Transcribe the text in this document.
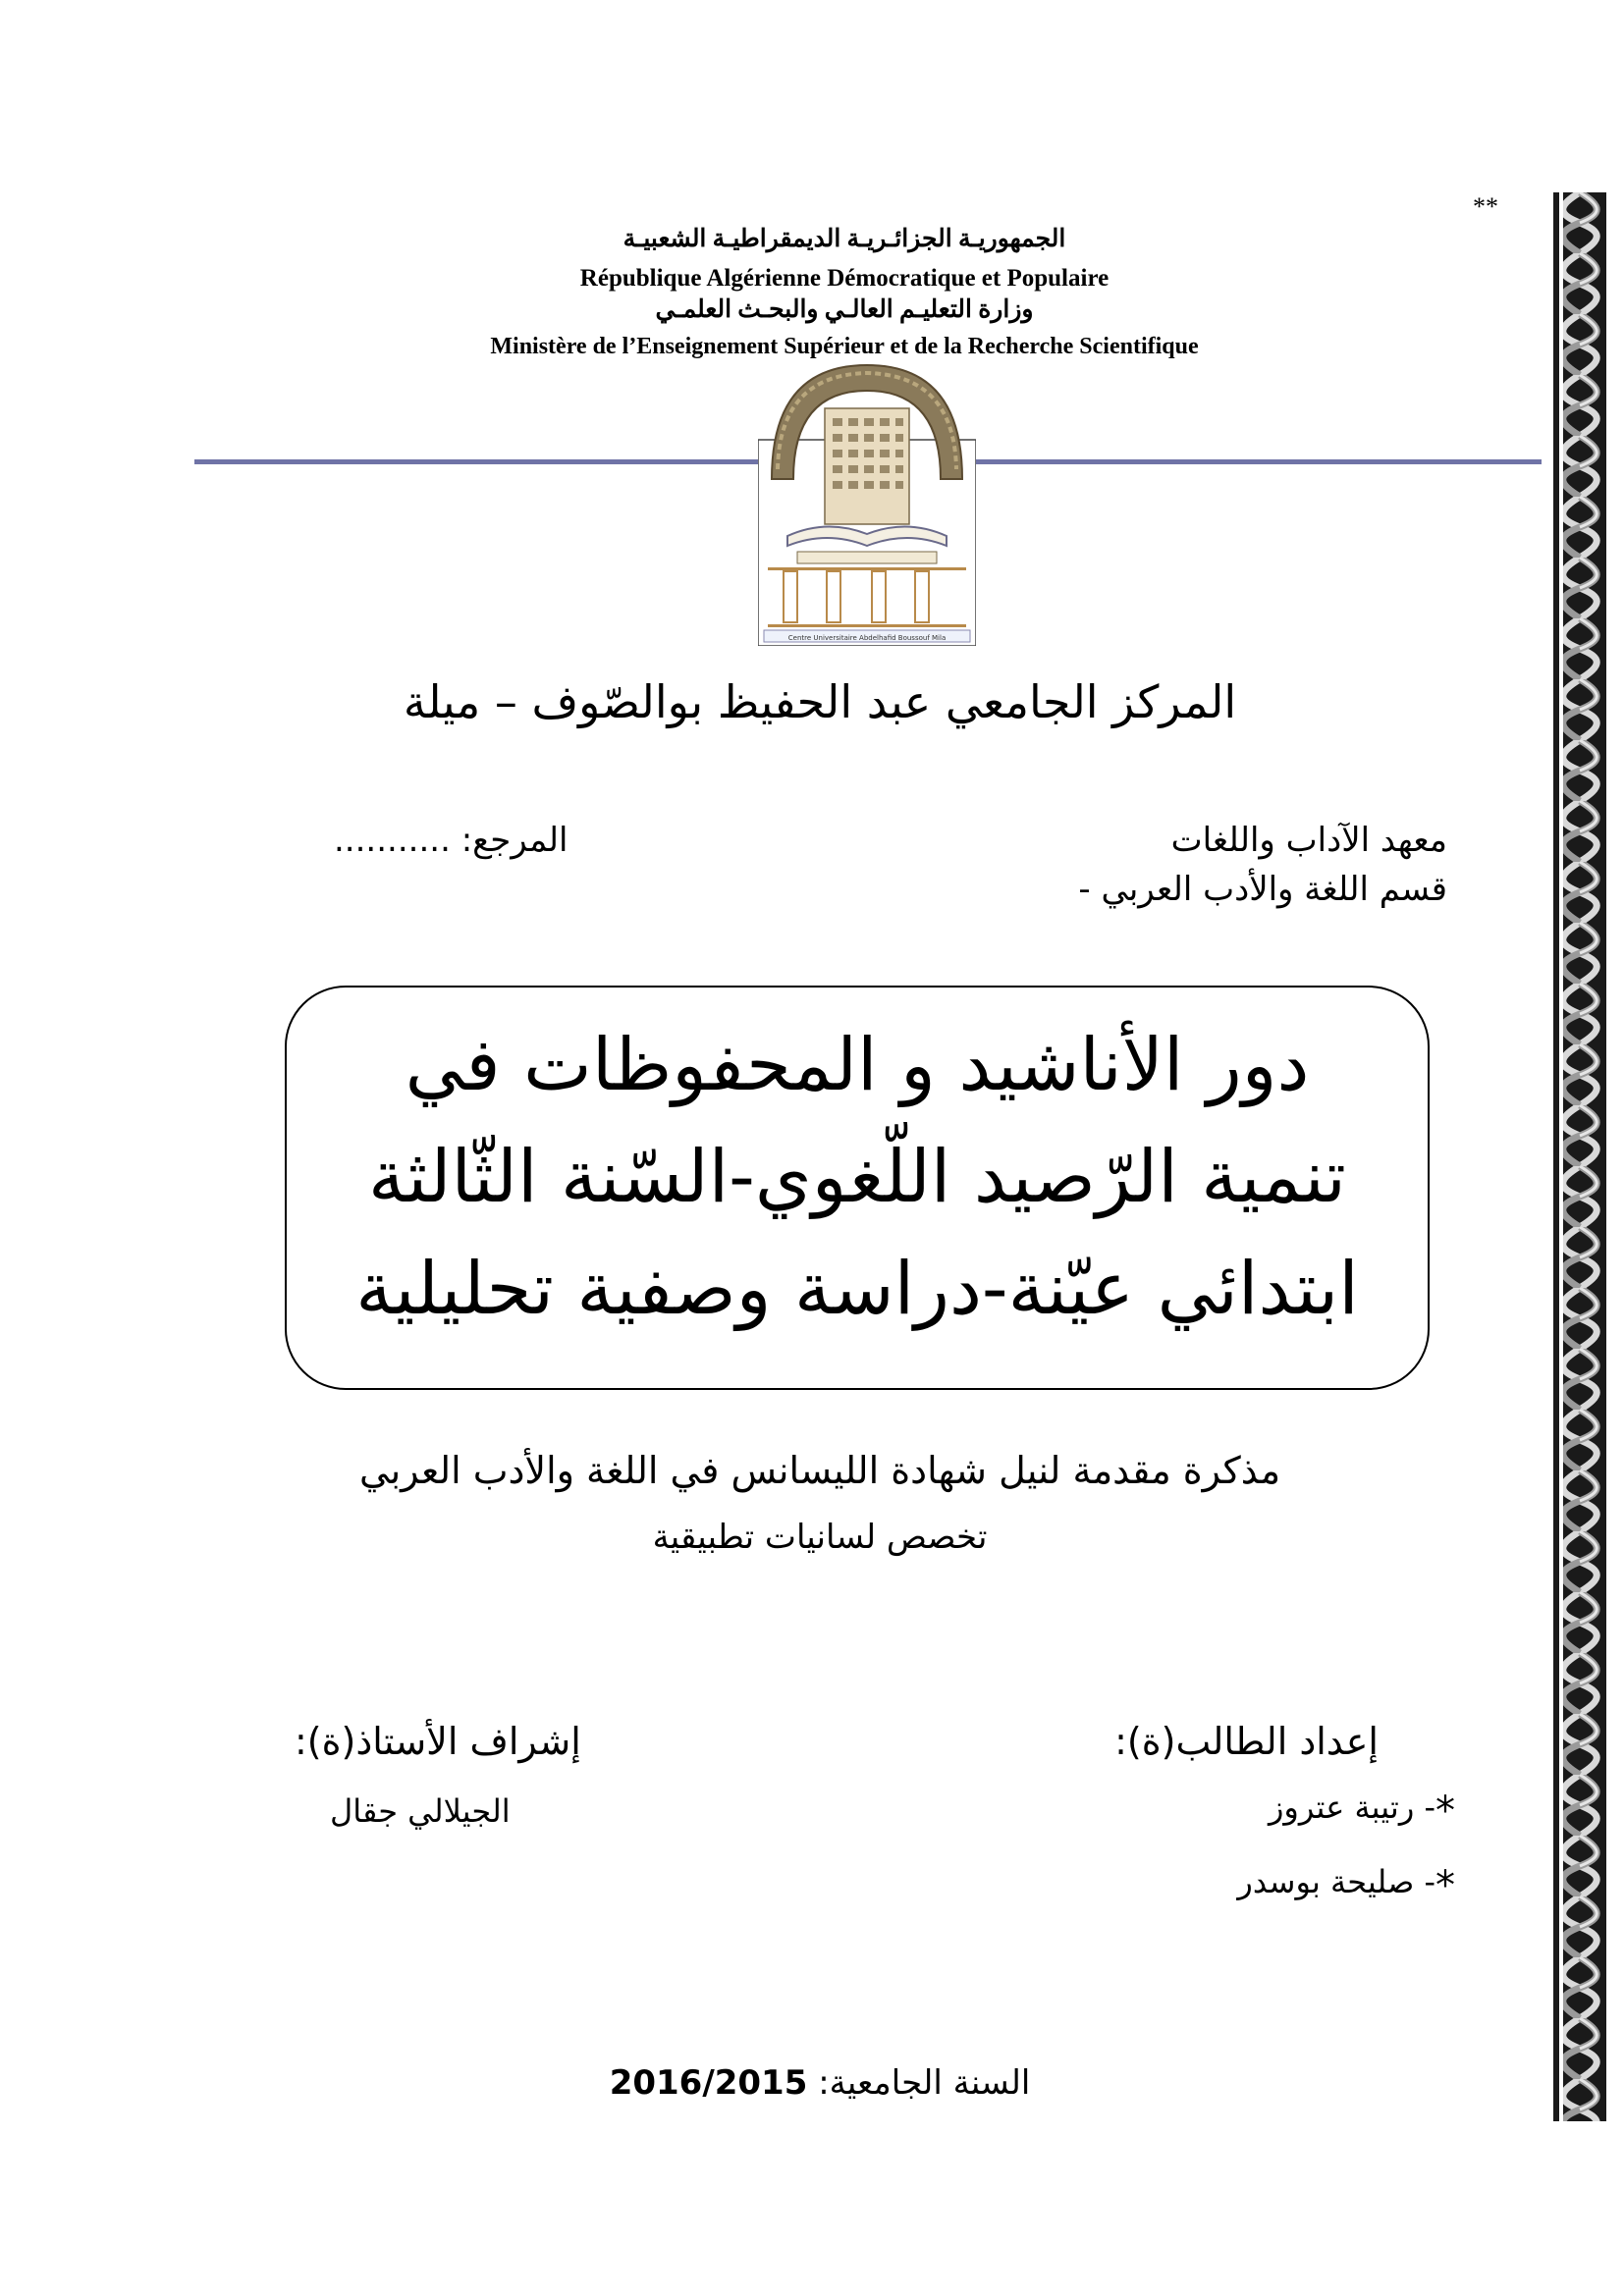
**
الجمهوريـة الجزائـريـة الديمقراطيـة الشعبيـة
République Algérienne Démocratique et Populaire
وزارة التعليـم العالـي والبحـث العلمـي
Ministère de l’Enseignement Supérieur et de la Recherche Scientifique
Centre Universitaire Abdelhafid Boussouf Mila
المركز الجامعي عبد الحفيظ بوالصّوف – ميلة
معهد الآداب واللغات
المرجع: ...........
قسم اللغة والأدب العربي -
دور الأناشيد و المحفوظات في
تنمية الرّصيد اللّغوي-السّنة الثّالثة
ابتدائي عيّنة-دراسة وصفية تحليلية
مذكرة مقدمة لنيل شهادة الليسانس في اللغة والأدب العربي
تخصص لسانيات تطبيقية
إعداد الطالب(ة):
إشراف الأستاذ(ة):
*- رتيبة عتروز
*- صليحة بوسدر
الجيلالي جقال
السنة الجامعية: 2016/2015
